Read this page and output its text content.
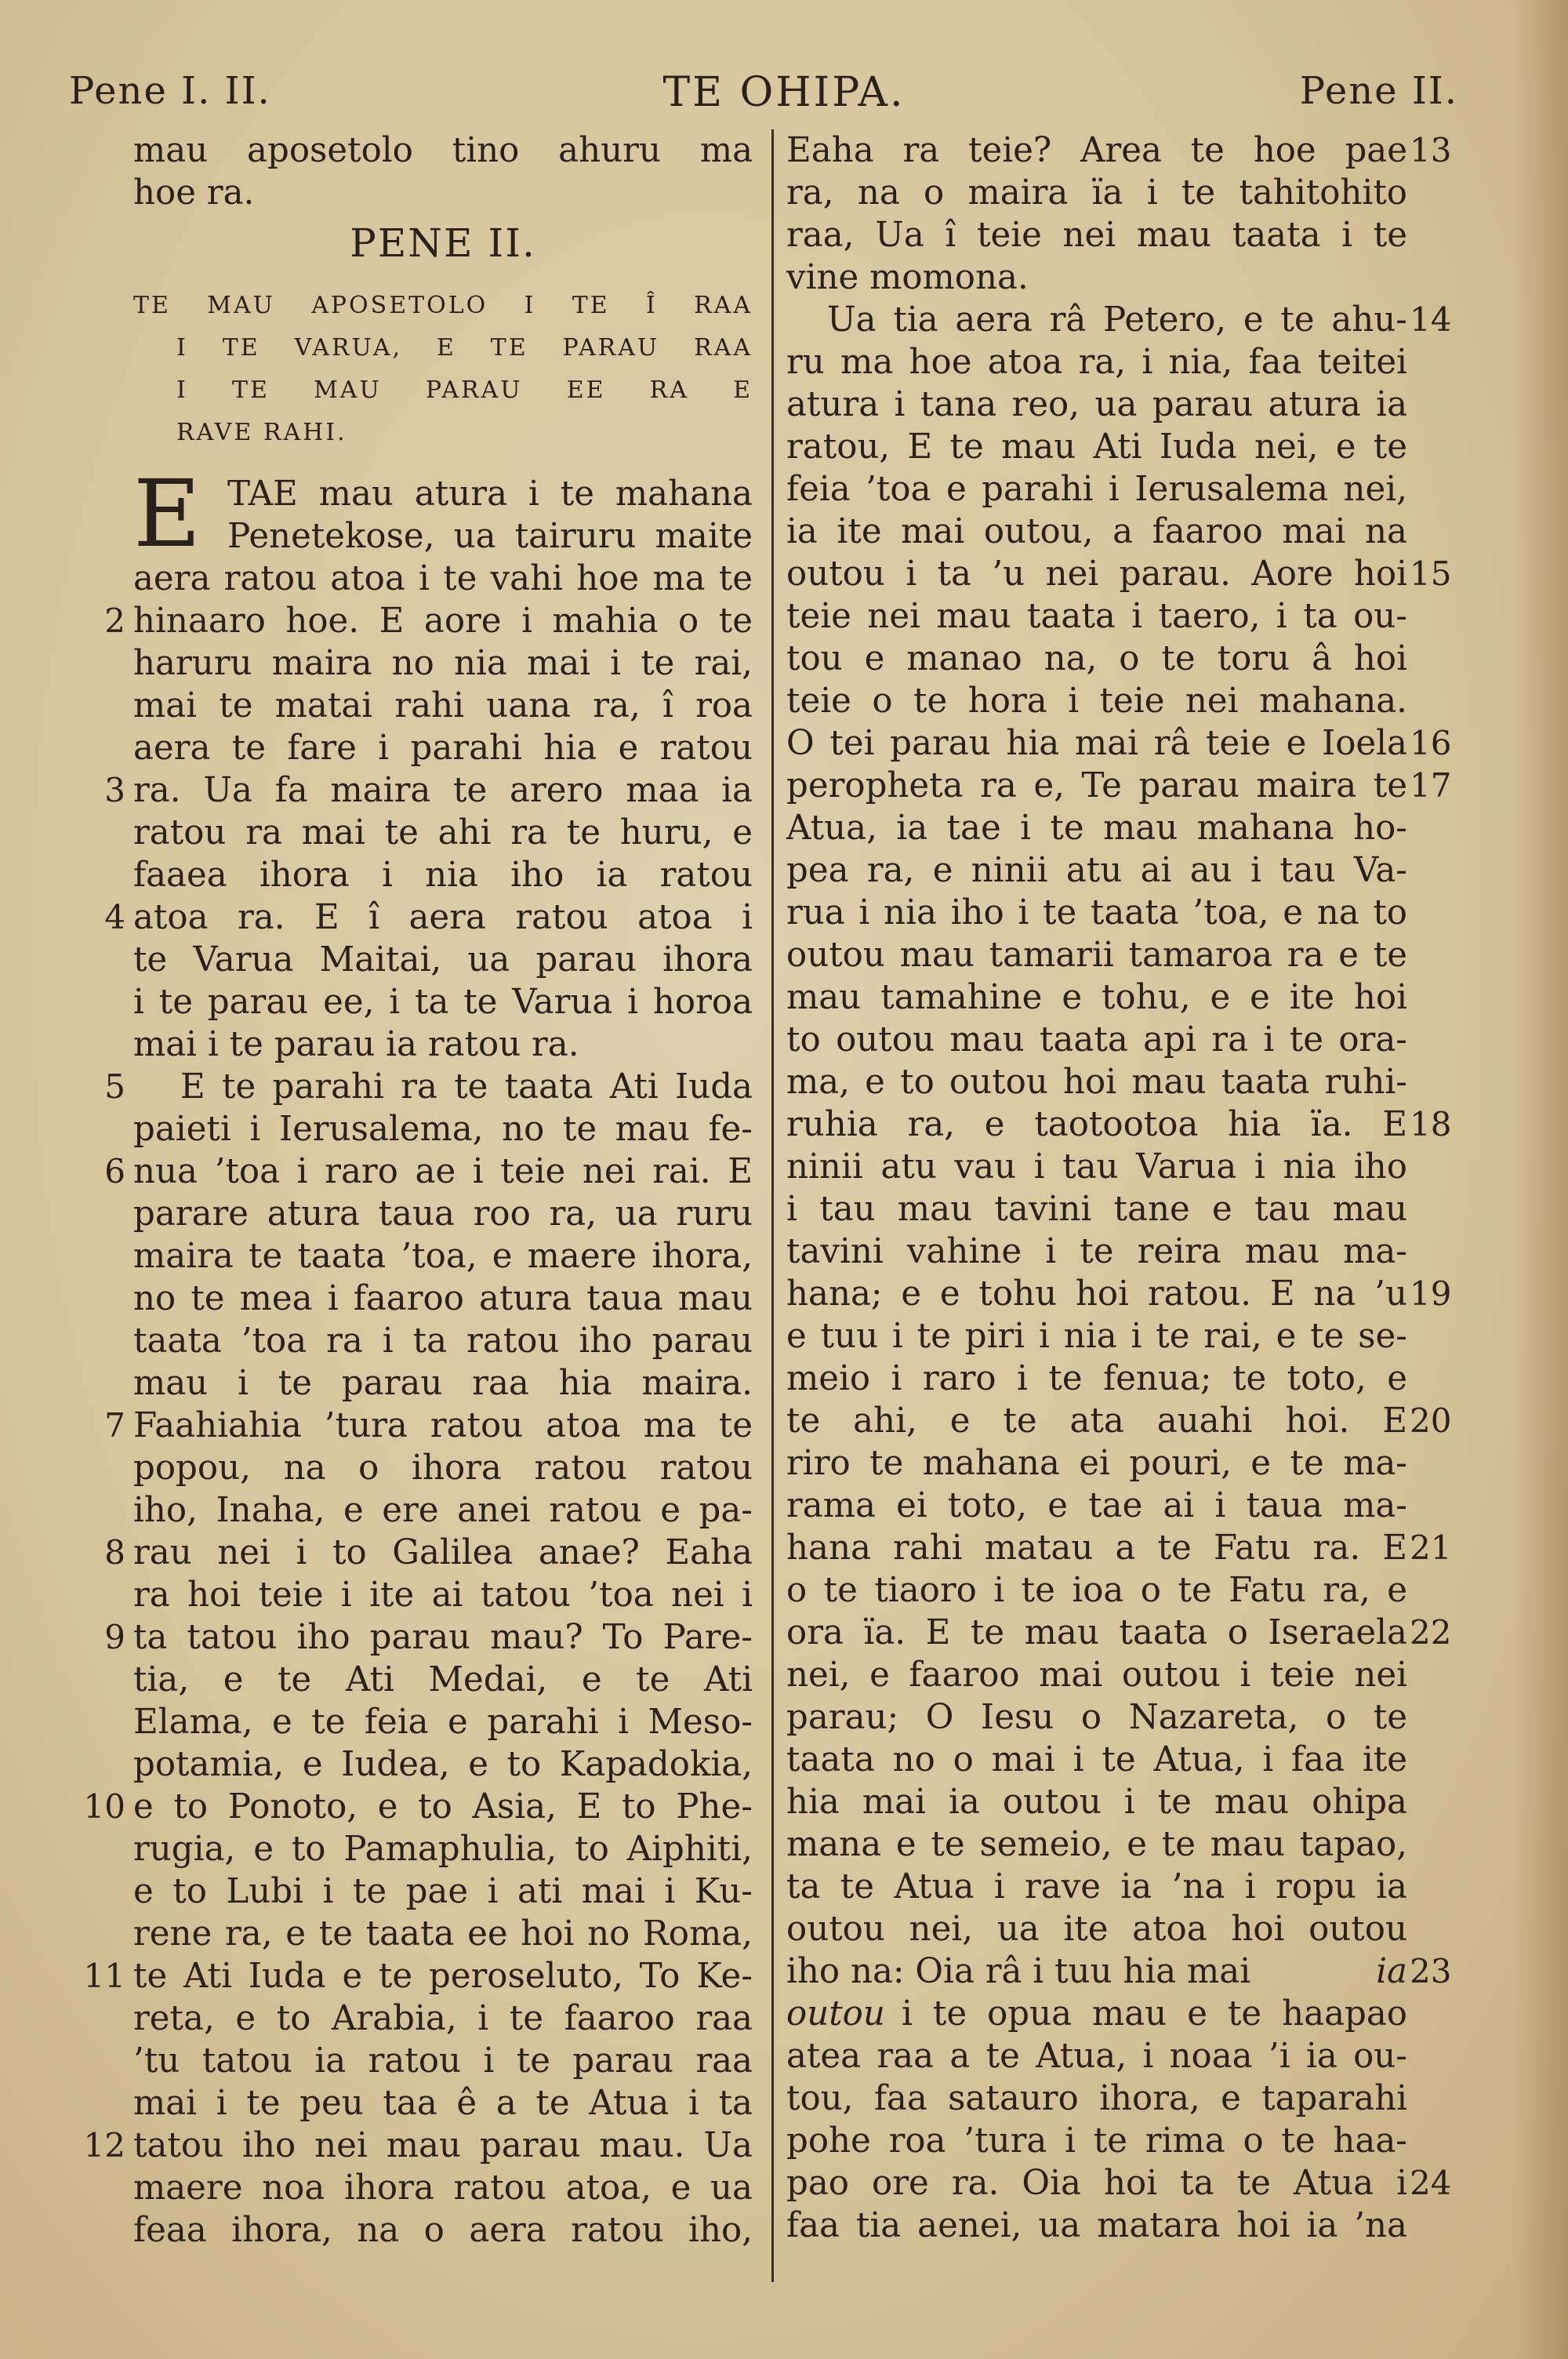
Pene I. II.	TE OHIPA.	Pene II.
mau aposetolo tino ahuru ma
hoe ra.
PENE II.
TE MAU APOSETOLO I TE Î RAA
I TE VARUA, E TE PARAU RAA
I TE MAU PARAU EE RA E
RAVE RAHI.
E TAE mau atura i te mahana
Penetekose, ua tairuru maite
aera ratou atoa i te vahi hoe ma te
hinaaro hoe. E aore i mahia o te
haruru maira no nia mai i te rai,
mai te matai rahi uana ra, î roa
aera te fare i parahi hia e ratou
ra. Ua fa maira te arero maa ia
ratou ra mai te ahi ra te huru, e
faaea ihora i nia iho ia ratou
atoa ra. E î aera ratou atoa i
te Varua Maitai, ua parau ihora
i te parau ee, i ta te Varua i horoa
mai i te parau ia ratou ra.
E te parahi ra te taata Ati Iuda
paieti i Ierusalema, no te mau fe-
nua ’toa i raro ae i teie nei rai. E
parare atura taua roo ra, ua ruru
maira te taata ’toa, e maere ihora,
no te mea i faaroo atura taua mau
taata ’toa ra i ta ratou iho parau
mau i te parau raa hia maira.
Faahiahia ’tura ratou atoa ma te
popou, na o ihora ratou ratou
iho, Inaha, e ere anei ratou e pa-
rau nei i to Galilea anae? Eaha
ra hoi teie i ite ai tatou ’toa nei i
ta tatou iho parau mau? To Pare-
tia, e te Ati Medai, e te Ati
Elama, e te feia e parahi i Meso-
potamia, e Iudea, e to Kapadokia,
e to Ponoto, e to Asia, E to Phe-
rugia, e to Pamaphulia, to Aiphiti,
e to Lubi i te pae i ati mai i Ku-
rene ra, e te taata ee hoi no Roma,
te Ati Iuda e te peroseluto, To Ke-
reta, e to Arabia, i te faaroo raa
’tu tatou ia ratou i te parau raa
mai i te peu taa ê a te Atua i ta
tatou iho nei mau parau mau. Ua
maere noa ihora ratou atoa, e ua
feaa ihora, na o aera ratou iho,
2
3
4
5
6
7
8
9
10
11
12
Eaha ra teie? Area te hoe pae
ra, na o maira ïa i te tahitohito
raa, Ua î teie nei mau taata i te
vine momona.
Ua tia aera râ Petero, e te ahu-
ru ma hoe atoa ra, i nia, faa teitei
atura i tana reo, ua parau atura ia
ratou, E te mau Ati Iuda nei, e te
feia ’toa e parahi i Ierusalema nei,
ia ite mai outou, a faaroo mai na
outou i ta ’u nei parau. Aore hoi
teie nei mau taata i taero, i ta ou-
tou e manao na, o te toru â hoi
teie o te hora i teie nei mahana.
O tei parau hia mai râ teie e Ioela
peropheta ra e, Te parau maira te
Atua, ia tae i te mau mahana ho-
pea ra, e ninii atu ai au i tau Va-
rua i nia iho i te taata ’toa, e na to
outou mau tamarii tamaroa ra e te
mau tamahine e tohu, e e ite hoi
to outou mau taata api ra i te ora-
ma, e to outou hoi mau taata ruhi-
ruhia ra, e taotootoa hia ïa. E
ninii atu vau i tau Varua i nia iho
i tau mau tavini tane e tau mau
tavini vahine i te reira mau ma-
hana; e e tohu hoi ratou. E na ’u
e tuu i te piri i nia i te rai, e te se-
meio i raro i te fenua; te toto, e
te ahi, e te ata auahi hoi. E
riro te mahana ei pouri, e te ma-
rama ei toto, e tae ai i taua ma-
hana rahi matau a te Fatu ra. E
o te tiaoro i te ioa o te Fatu ra, e
ora ïa. E te mau taata o Iseraela
nei, e faaroo mai outou i teie nei
parau; O Iesu o Nazareta, o te
taata no o mai i te Atua, i faa ite
hia mai ia outou i te mau ohipa
mana e te semeio, e te mau tapao,
ta te Atua i rave ia ’na i ropu ia
outou nei, ua ite atoa hoi outou
iho na: Oia râ i tuu hia mai	ia
outou i te opua mau e te haapao
atea raa a te Atua, i noaa ’i ia ou-
tou, faa satauro ihora, e taparahi
pohe roa ’tura i te rima o te haa-
pao ore ra. Oia hoi ta te Atua i
faa tia aenei, ua matara hoi ia ’na
13
14
15
16
17
18
19
20
21
22
23
24
